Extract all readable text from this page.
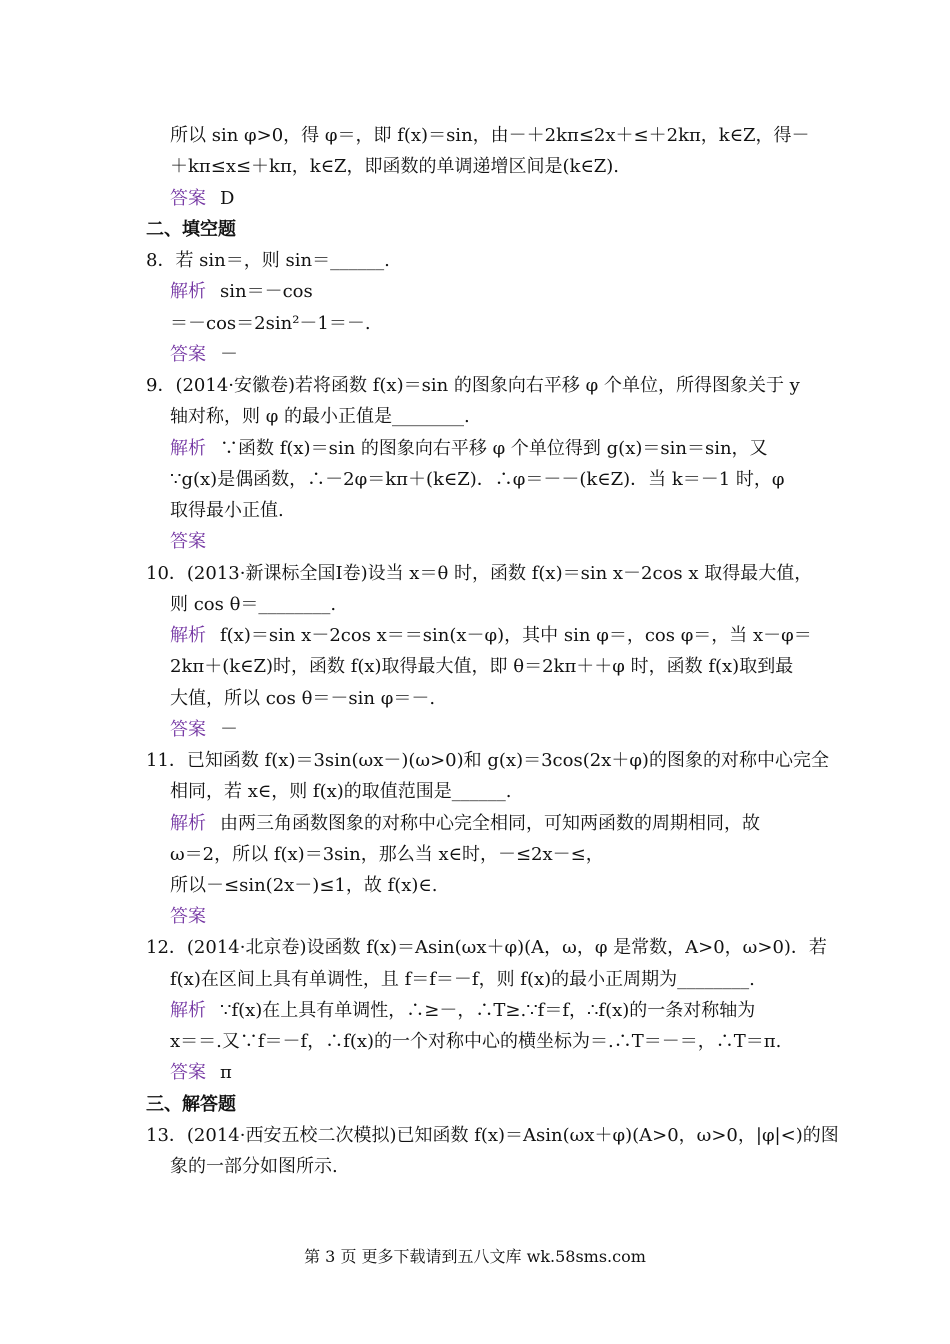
所以 sin φ>0，得 φ＝，即 f(x)＝sin，由－＋2kπ≤2x＋≤＋2kπ，k∈Z，得－
＋kπ≤x≤＋kπ，k∈Z，即函数的单调递增区间是(k∈Z).
答案 D
二、填空题
8．若 sin＝，则 sin＝______.
解析 sin＝－cos
＝－cos＝2sin²－1＝－.
答案 －
9．(2014·安徽卷)若将函数 f(x)＝sin 的图象向右平移 φ 个单位，所得图象关于 y
轴对称，则 φ 的最小正值是________.
解析 ∵函数 f(x)＝sin 的图象向右平移 φ 个单位得到 g(x)＝sin＝sin，又
∵g(x)是偶函数，∴－2φ＝kπ＋(k∈Z)．∴φ＝－－(k∈Z)．当 k＝－1 时，φ
取得最小正值.
答案
10．(2013·新课标全国Ⅰ卷)设当 x＝θ 时，函数 f(x)＝sin x－2cos x 取得最大值，
则 cos θ＝________.
解析 f(x)＝sin x－2cos x＝＝sin(x－φ)，其中 sin φ＝，cos φ＝，当 x－φ＝
2kπ＋(k∈Z)时，函数 f(x)取得最大值，即 θ＝2kπ＋＋φ 时，函数 f(x)取到最
大值，所以 cos θ＝－sin φ＝－.
答案 －
11．已知函数 f(x)＝3sin(ωx－)(ω>0)和 g(x)＝3cos(2x＋φ)的图象的对称中心完全
相同，若 x∈，则 f(x)的取值范围是______.
解析 由两三角函数图象的对称中心完全相同，可知两函数的周期相同，故
ω＝2，所以 f(x)＝3sin，那么当 x∈时，－≤2x－≤，
所以－≤sin(2x－)≤1，故 f(x)∈.
答案
12．(2014·北京卷)设函数 f(x)＝Asin(ωx＋φ)(A，ω，φ 是常数，A>0，ω>0)．若
f(x)在区间上具有单调性，且 f＝f＝－f，则 f(x)的最小正周期为________.
解析 ∵f(x)在上具有单调性，∴≥－，∴T≥.∵f＝f，∴f(x)的一条对称轴为
x＝＝.又∵f＝－f，∴f(x)的一个对称中心的横坐标为＝.∴T＝－＝，∴T＝π.
答案 π
三、解答题
13．(2014·西安五校二次模拟)已知函数 f(x)＝Asin(ωx＋φ)(A>0，ω>0，|φ|<)的图
象的一部分如图所示.
第 3 页 更多下载请到五八文库 wk.58sms.com
